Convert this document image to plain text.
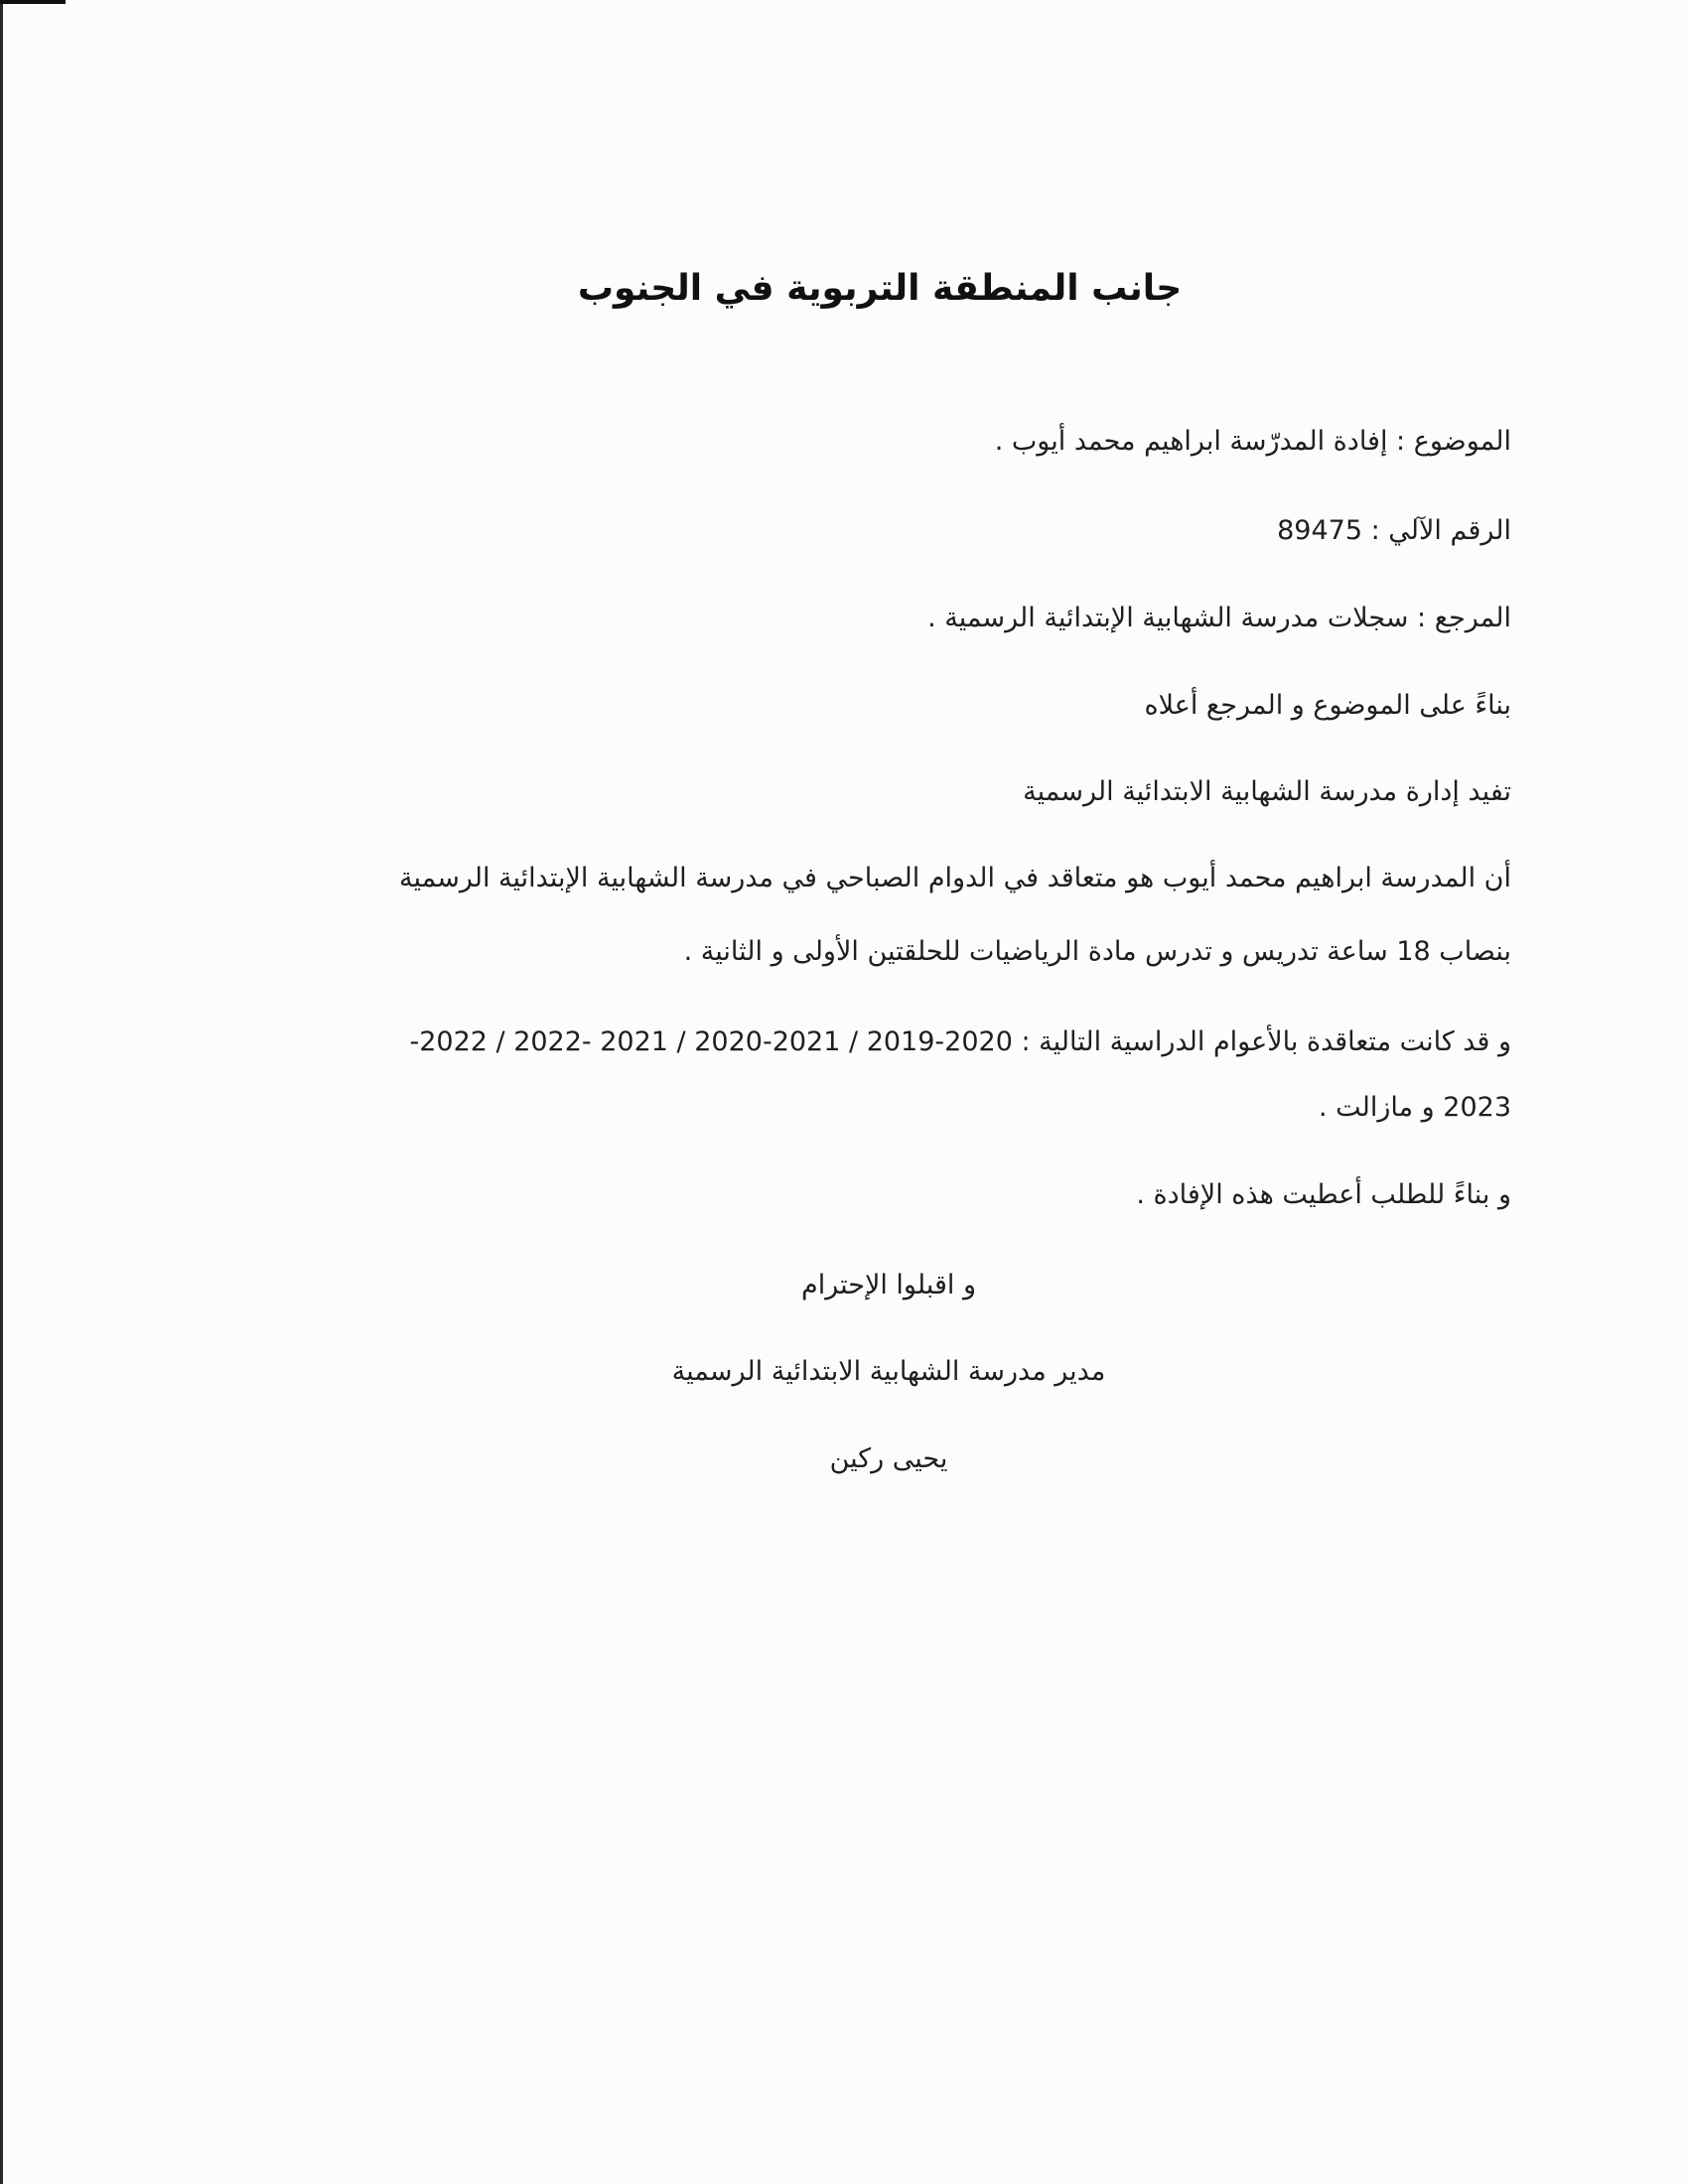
جانب المنطقة التربوية في الجنوب
الموضوع : إفادة المدرّسة ابراهيم محمد أيوب .
الرقم الآلي : 89475
المرجع : سجلات مدرسة الشهابية الإبتدائية الرسمية .
بناءً على الموضوع و المرجع أعلاه
تفيد إدارة مدرسة الشهابية الابتدائية الرسمية
أن المدرسة ابراهيم محمد أيوب هو متعاقد في الدوام الصباحي في مدرسة الشهابية الإبتدائية الرسمية
بنصاب 18 ساعة تدريس و تدرس مادة الرياضيات للحلقتين الأولى و الثانية .
و قد كانت متعاقدة بالأعوام الدراسية التالية : 2020-2019 / 2021-2020 / 2021 -2022 / 2022-
2023 و مازالت .
و بناءً للطلب أعطيت هذه الإفادة .
و اقبلوا الإحترام
مدير مدرسة الشهابية الابتدائية الرسمية
يحيى ركين
